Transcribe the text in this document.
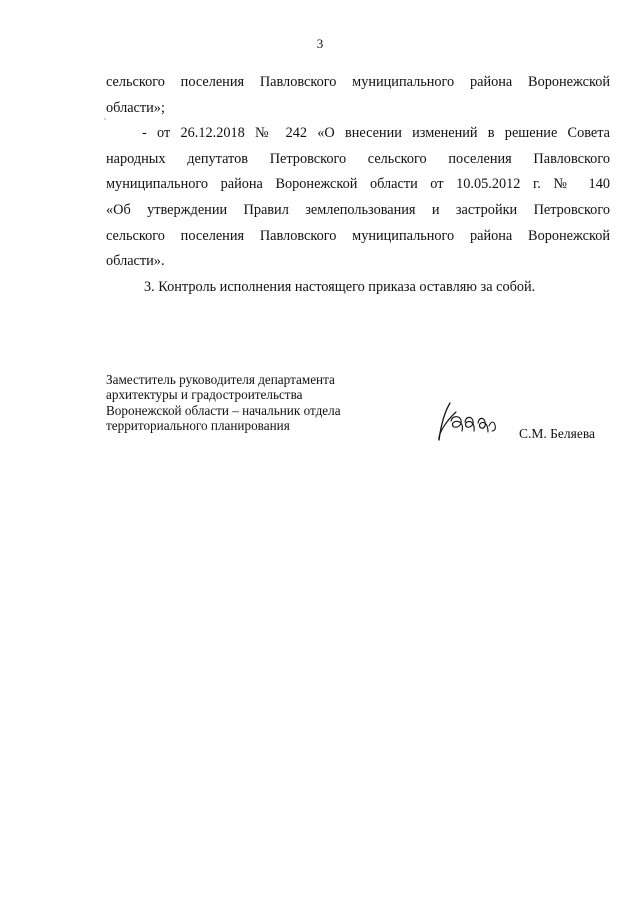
3
сельского поселения Павловского муниципального района Воронежской
области»;
- от 26.12.2018 № 242 «О внесении изменений в решение Совета
народных депутатов Петровского сельского поселения Павловского
муниципального района Воронежской области от 10.05.2012 г. № 140
«Об утверждении Правил землепользования и застройки Петровского
сельского поселения Павловского муниципального района Воронежской
области».
3. Контроль исполнения настоящего приказа оставляю за собой.
Заместитель руководителя департамента
архитектуры и градостроительства
Воронежской области – начальник отдела
территориального планирования
С.М. Беляева
